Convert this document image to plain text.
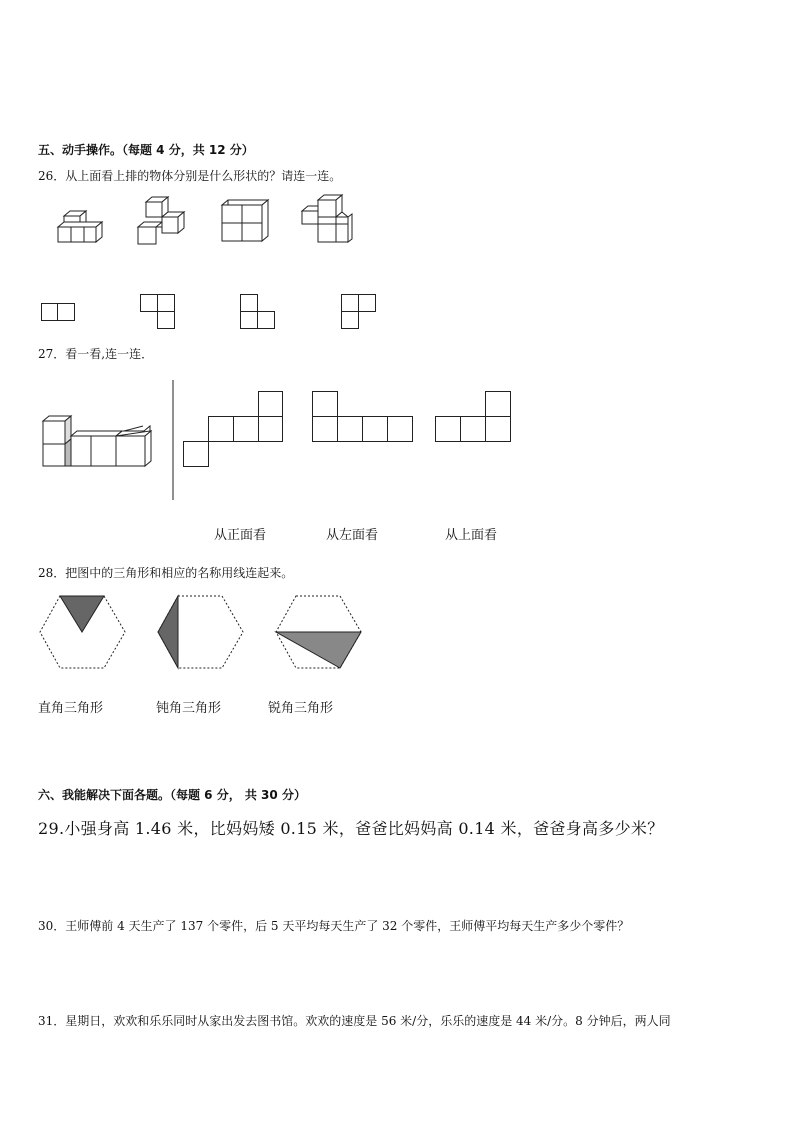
五、动手操作。（每题 4 分，共 12 分）
26．从上面看上排的物体分别是什么形状的？请连一连。
27．看一看,连一连．
从正面看	从左面看	从上面看
28．把图中的三角形和相应的名称用线连起来。
直角三角形	钝角三角形	锐角三角形
六、我能解决下面各题。（每题 6 分， 共 30 分）
29.小强身高 1.46 米，比妈妈矮 0.15 米，爸爸比妈妈高 0.14 米，爸爸身高多少米？
30．王师傅前 4 天生产了 137 个零件，后 5 天平均每天生产了 32 个零件，王师傅平均每天生产多少个零件？
31．星期日，欢欢和乐乐同时从家出发去图书馆。欢欢的速度是 56 米/分，乐乐的速度是 44 米/分。8 分钟后，两人同
